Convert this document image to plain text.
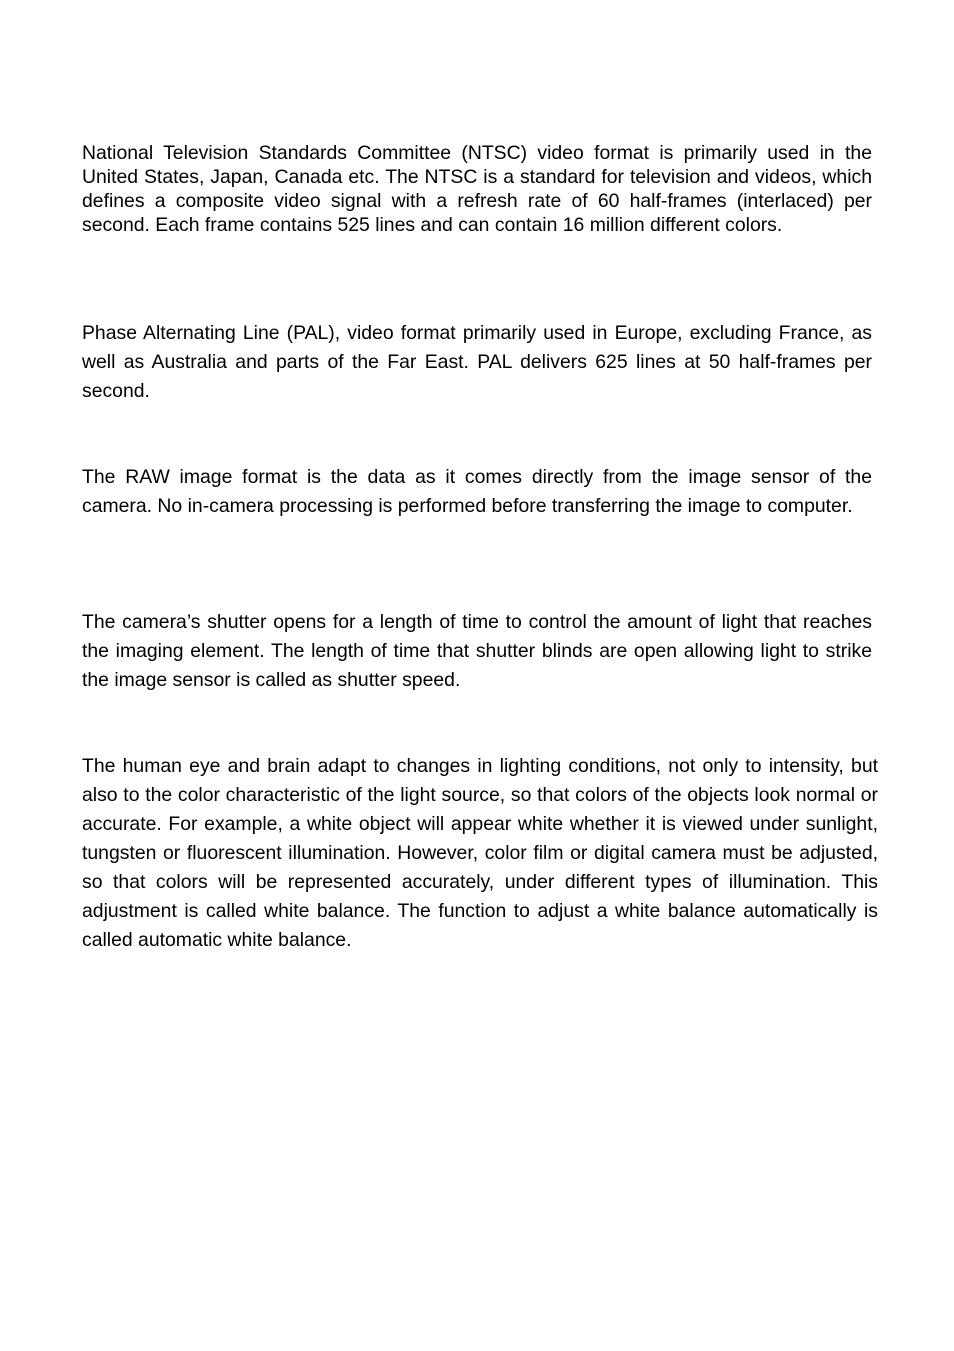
National Television Standards Committee (NTSC) video format is primarily used in the United States, Japan, Canada etc. The NTSC is a standard for television and videos, which defines a composite video signal with a refresh rate of 60 half-frames (interlaced) per second. Each frame contains 525 lines and can contain 16 million different colors.

Phase Alternating Line (PAL), video format primarily used in Europe, excluding France, as well as Australia and parts of the Far East. PAL delivers 625 lines at 50 half-frames per second.

The RAW image format is the data as it comes directly from the image sensor of the camera. No in-camera processing is performed before transferring the image to computer.

The camera’s shutter opens for a length of time to control the amount of light that reaches the imaging element. The length of time that shutter blinds are open allowing light to strike the image sensor is called as shutter speed.

The human eye and brain adapt to changes in lighting conditions, not only to intensity, but also to the color characteristic of the light source, so that colors of the objects look normal or accurate. For example, a white object will appear white whether it is viewed under sunlight, tungsten or fluorescent illumination. However, color film or digital camera must be adjusted, so that colors will be represented accurately, under different types of illumination. This adjustment is called white balance. The function to adjust a white balance automatically is called automatic white balance.
